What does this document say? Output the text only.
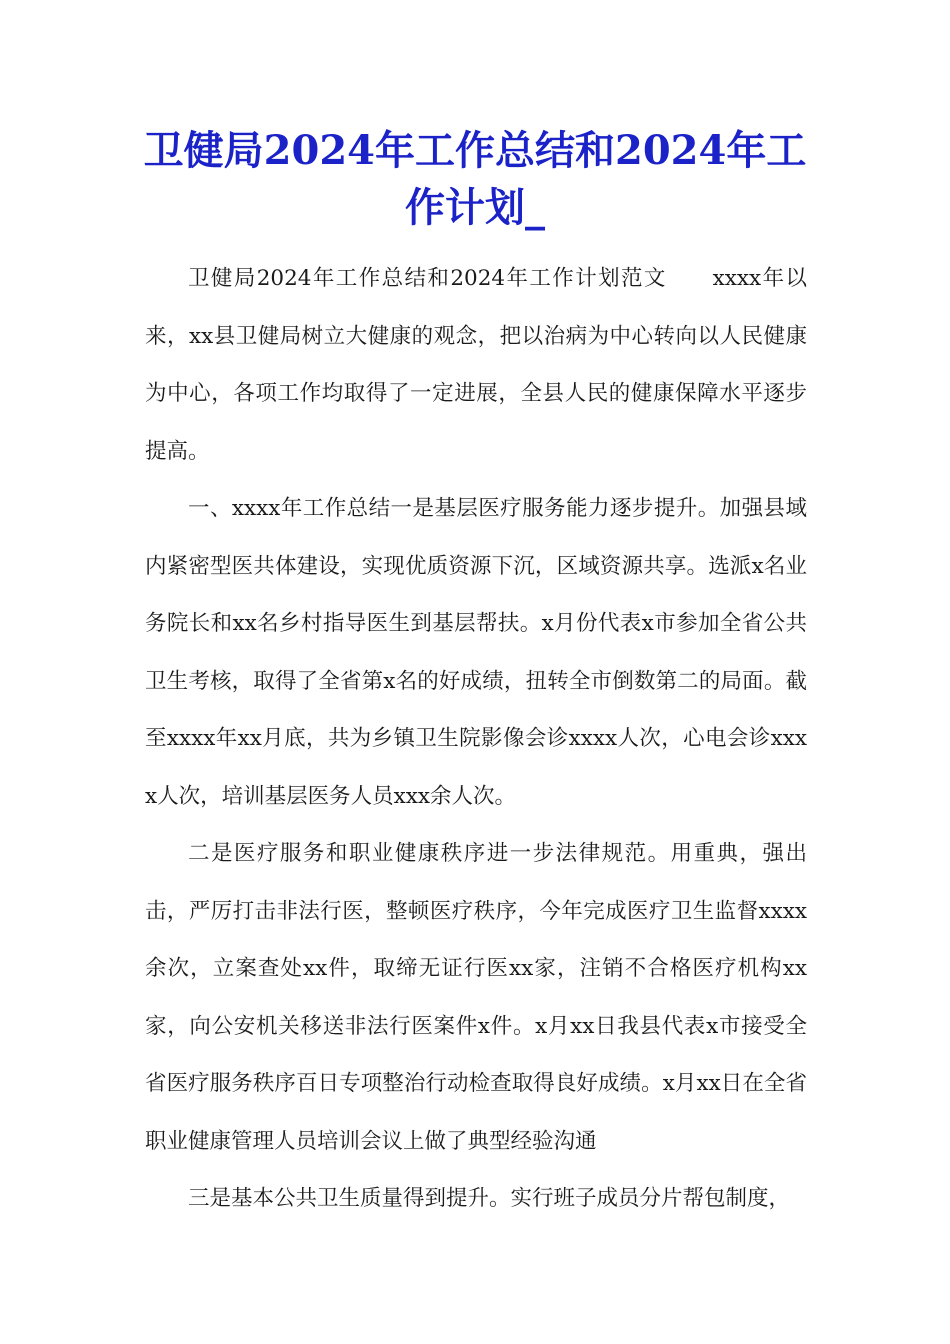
卫健局2024年工作总结和2024年工作计划_

卫健局2024年工作总结和2024年工作计划范文　　xxxx年以来，xx县卫健局树立大健康的观念，把以治病为中心转向以人民健康为中心，各项工作均取得了一定进展，全县人民的健康保障水平逐步提高。

一、xxxx年工作总结一是基层医疗服务能力逐步提升。加强县域内紧密型医共体建设，实现优质资源下沉，区域资源共享。选派x名业务院长和xx名乡村指导医生到基层帮扶。x月份代表x市参加全省公共卫生考核，取得了全省第x名的好成绩，扭转全市倒数第二的局面。截至xxxx年xx月底，共为乡镇卫生院影像会诊xxxx人次，心电会诊xxxx人次，培训基层医务人员xxx余人次。

二是医疗服务和职业健康秩序进一步法律规范。用重典，强出击，严厉打击非法行医，整顿医疗秩序，今年完成医疗卫生监督xxxx余次，立案查处xx件，取缔无证行医xx家，注销不合格医疗机构xx家，向公安机关移送非法行医案件x件。x月xx日我县代表x市接受全省医疗服务秩序百日专项整治行动检查取得良好成绩。x月xx日在全省职业健康管理人员培训会议上做了典型经验沟通

三是基本公共卫生质量得到提升。实行班子成员分片帮包制度，
